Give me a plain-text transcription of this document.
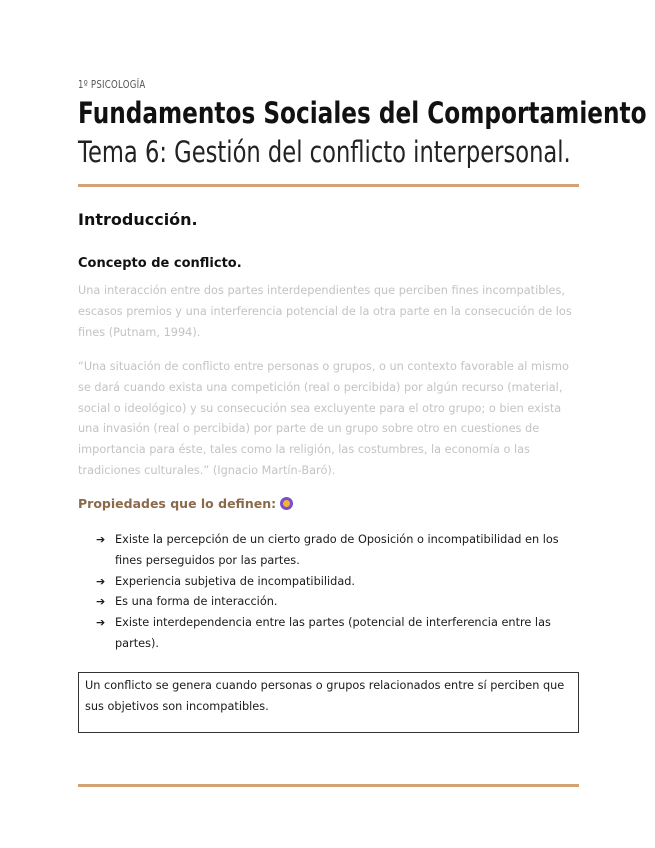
1º PSICOLOGÍA
Fundamentos Sociales del Comportamiento
Tema 6: Gestión del conflicto interpersonal.
Introducción.
Concepto de conflicto.

Una interacción entre dos partes interdependientes que perciben fines incompatibles, escasos premios y una interferencia potencial de la otra parte en la consecución de los fines (Putnam, 1994).

“Una situación de conflicto entre personas o grupos, o un contexto favorable al mismo se dará cuando exista una competición (real o percibida) por algún recurso (material, social o ideológico) y su consecución sea excluyente para el otro grupo; o bien exista una invasión (real o percibida) por parte de un grupo sobre otro en cuestiones de importancia para éste, tales como la religión, las costumbres, la economía o las tradiciones culturales.” (Ignacio Martín-Baró).

Propiedades que lo definen:
➔ Existe la percepción de un cierto grado de Oposición o incompatibilidad en los fines perseguidos por las partes.
➔ Experiencia subjetiva de incompatibilidad.
➔ Es una forma de interacción.
➔ Existe interdependencia entre las partes (potencial de interferencia entre las partes).
Un conflicto se genera cuando personas o grupos relacionados entre sí perciben que sus objetivos son incompatibles.
